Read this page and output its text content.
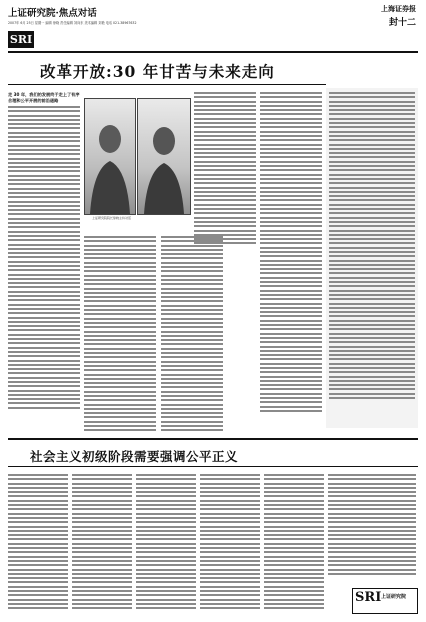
上证研究院·焦点对话
2007年 6月 25日 星期一 编辑 徐晓 责任编辑 刘向东 美术编辑 刘艳 电话 021-38967632
SRI
上海证券报
封十二
改革开放:30 年甘苦与未来走向
走 30 年，我们的发展终于走上了有序合理和公平开展的前沿道路
上证研究院院长徐晓主持对话
社会主义初级阶段需要强调公平正义
SRI 上证研究院
